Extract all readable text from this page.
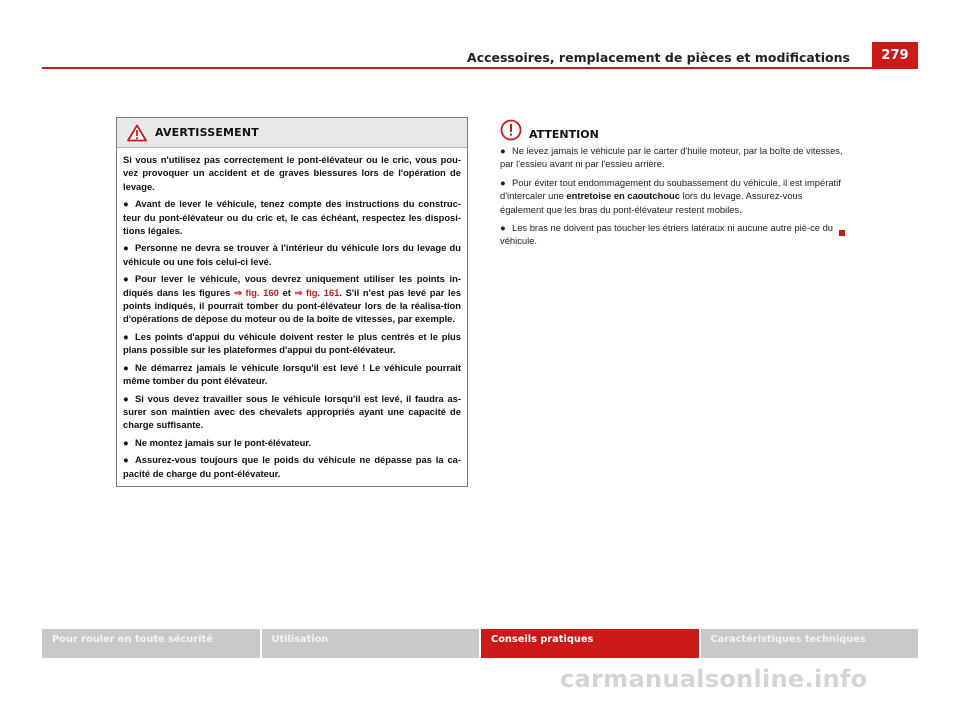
Accessoires, remplacement de pièces et modifications	279
AVERTISSEMENT

Si vous n'utilisez pas correctement le pont-élévateur ou le cric, vous pou-vez provoquer un accident et de graves blessures lors de l'opération de levage.

● Avant de lever le véhicule, tenez compte des instructions du construc-teur du pont-élévateur ou du cric et, le cas échéant, respectez les disposi-tions légales.

● Personne ne devra se trouver à l'intérieur du véhicule lors du levage du véhicule ou une fois celui-ci levé.

● Pour lever le véhicule, vous devrez uniquement utiliser les points in-diqués dans les figures ⇒ fig. 160 et ⇒ fig. 161. S'il n'est pas levé par les points indiqués, il pourrait tomber du pont-élévateur lors de la réalisa-tion d'opérations de dépose du moteur ou de la boîte de vitesses, par exemple.

● Les points d'appui du véhicule doivent rester le plus centrés et le plus plans possible sur les plateformes d'appui du pont-élévateur.

● Ne démarrez jamais le véhicule lorsqu'il est levé ! Le véhicule pourrait même tomber du pont élévateur.

● Si vous devez travailler sous le véhicule lorsqu'il est levé, il faudra as-surer son maintien avec des chevalets appropriés ayant une capacité de charge suffisante.

● Ne montez jamais sur le pont-élévateur.

● Assurez-vous toujours que le poids du véhicule ne dépasse pas la ca-pacité de charge du pont-élévateur.

ATTENTION

● Ne levez jamais le véhicule par le carter d'huile moteur, par la boîte de vitesses, par l'essieu avant ni par l'essieu arrière.

● Pour éviter tout endommagement du soubassement du véhicule, il est impératif d'intercaler une entretoise en caoutchouc lors du levage. Assurez-vous également que les bras du pont-élévateur restent mobiles.

● Les bras ne doivent pas toucher les étriers latéraux ni aucune autre piè-ce du véhicule.

Pour rouler en toute sécurité	Utilisation	Conseils pratiques	Caractéristiques techniques
carmanualsonline.info
